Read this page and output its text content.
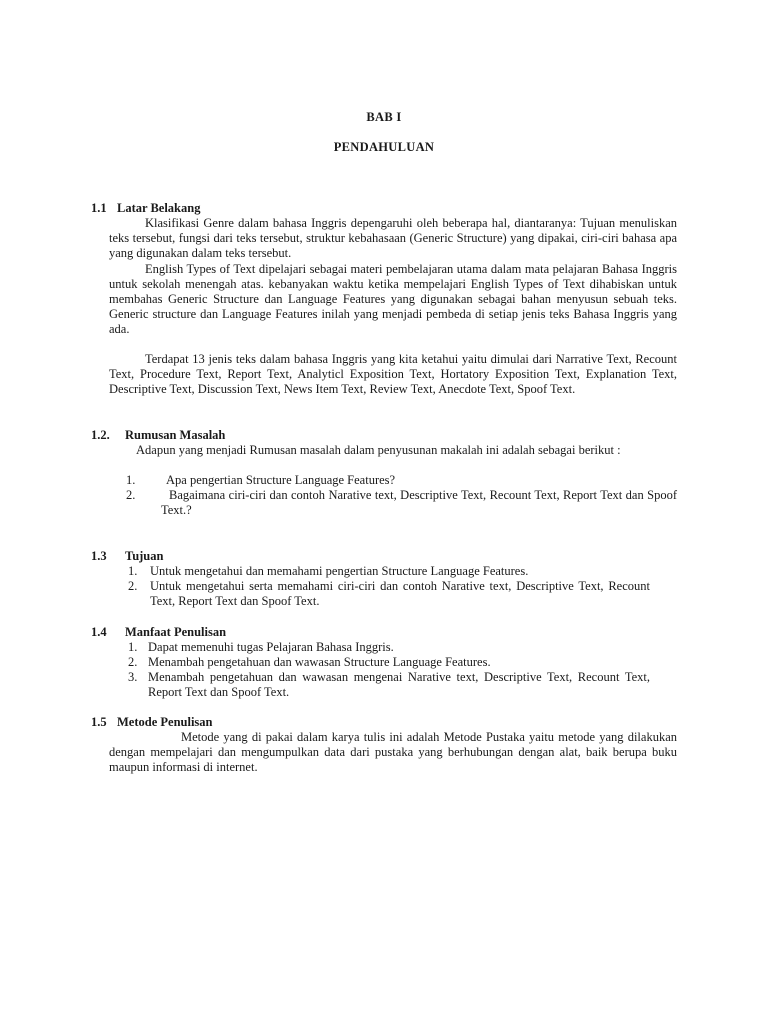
BAB I
PENDAHULUAN
1.1 Latar Belakang
Klasifikasi Genre dalam bahasa Inggris depengaruhi oleh beberapa hal, diantaranya: Tujuan menuliskan teks tersebut, fungsi dari teks tersebut, struktur kebahasaan (Generic Structure) yang dipakai, ciri-ciri bahasa apa yang digunakan dalam teks tersebut.
English Types of Text dipelajari sebagai materi pembelajaran utama dalam mata pelajaran Bahasa Inggris untuk sekolah menengah atas. kebanyakan waktu ketika mempelajari English Types of Text dihabiskan untuk membahas Generic Structure dan Language Features yang digunakan sebagai bahan menyusun sebuah teks. Generic structure dan Language Features inilah yang menjadi pembeda di setiap jenis teks Bahasa Inggris yang ada.
Terdapat 13 jenis teks dalam bahasa Inggris yang kita ketahui yaitu dimulai dari Narrative Text, Recount Text, Procedure Text, Report Text, Analyticl Exposition Text, Hortatory Exposition Text, Explanation Text, Descriptive Text, Discussion Text, News Item Text, Review Text, Anecdote Text, Spoof Text.
1.2. Rumusan Masalah
Adapun yang menjadi Rumusan masalah dalam penyusunan makalah ini adalah sebagai berikut :
1. Apa pengertian Structure Language Features?
2.	Bagaimana ciri-ciri dan contoh Narative text, Descriptive Text, Recount Text, Report Text dan Spoof Text.?
1.3 Tujuan
1. Untuk mengetahui dan memahami pengertian Structure Language Features.
2. Untuk mengetahui serta memahami ciri-ciri dan contoh Narative text, Descriptive Text, Recount Text, Report Text dan Spoof Text.
1.4 Manfaat Penulisan
1. Dapat memenuhi tugas Pelajaran Bahasa Inggris.
2. Menambah pengetahuan dan wawasan Structure Language Features.
3. Menambah pengetahuan dan wawasan mengenai Narative text, Descriptive Text, Recount Text, Report Text dan Spoof Text.
1.5 Metode Penulisan
Metode yang di pakai dalam karya tulis ini adalah Metode Pustaka yaitu metode yang dilakukan dengan mempelajari dan mengumpulkan data dari pustaka yang berhubungan dengan alat, baik berupa buku maupun informasi di internet.
